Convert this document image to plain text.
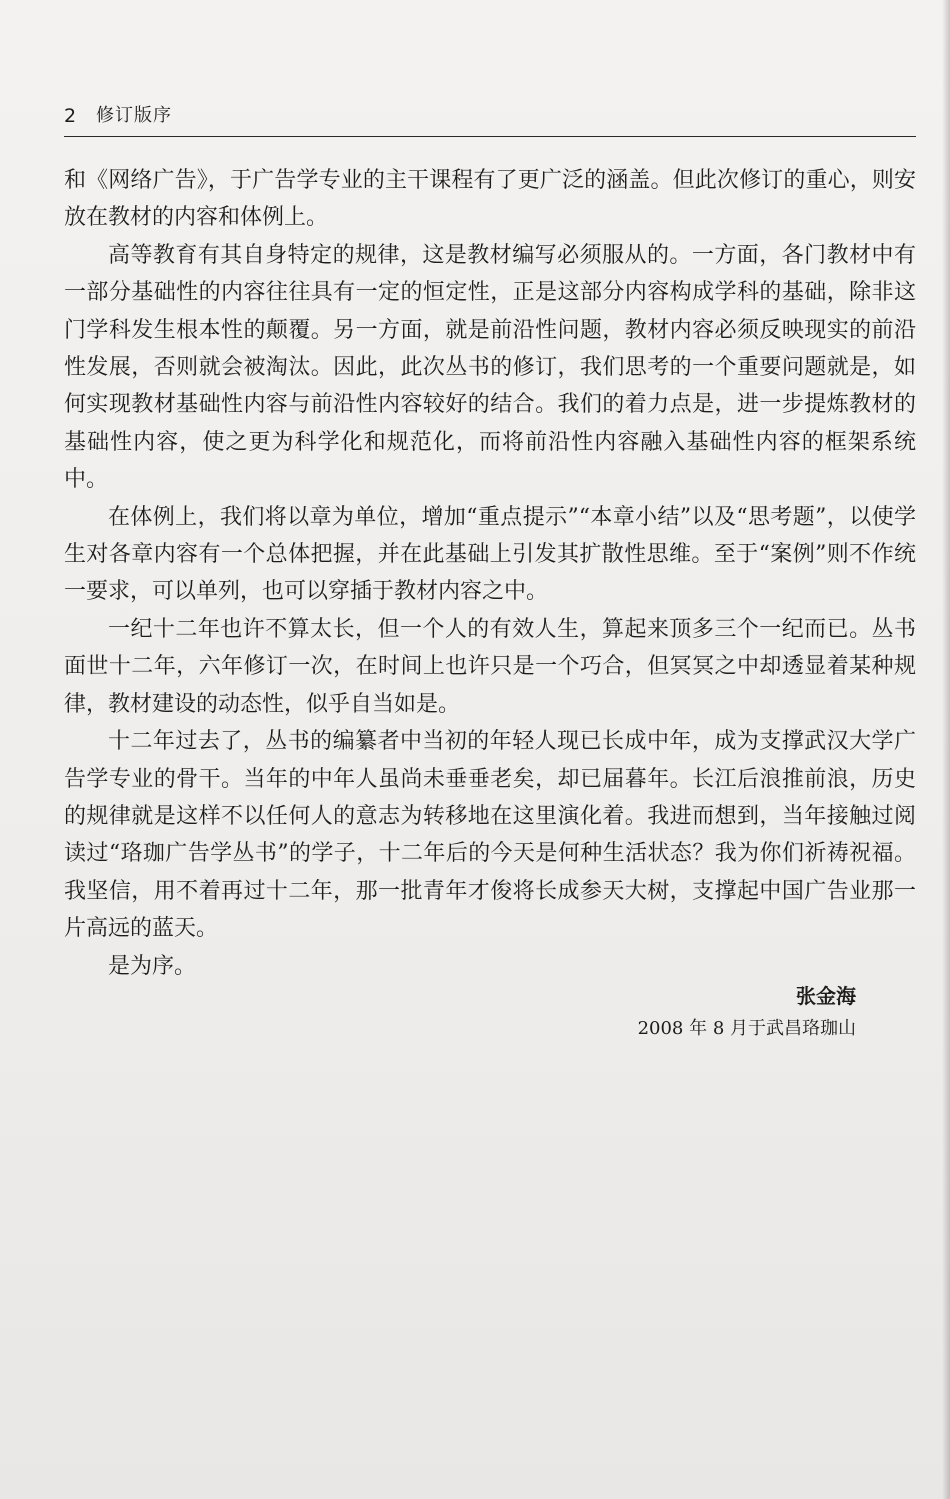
2 修订版序

和《网络广告》，于广告学专业的主干课程有了更广泛的涵盖。但此次修订的重心，则安放在教材的内容和体例上。

高等教育有其自身特定的规律，这是教材编写必须服从的。一方面，各门教材中有一部分基础性的内容往往具有一定的恒定性，正是这部分内容构成学科的基础，除非这门学科发生根本性的颠覆。另一方面，就是前沿性问题，教材内容必须反映现实的前沿性发展，否则就会被淘汰。因此，此次丛书的修订，我们思考的一个重要问题就是，如何实现教材基础性内容与前沿性内容较好的结合。我们的着力点是，进一步提炼教材的基础性内容，使之更为科学化和规范化，而将前沿性内容融入基础性内容的框架系统中。

在体例上，我们将以章为单位，增加“重点提示”“本章小结”以及“思考题”，以使学生对各章内容有一个总体把握，并在此基础上引发其扩散性思维。至于“案例”则不作统一要求，可以单列，也可以穿插于教材内容之中。

一纪十二年也许不算太长，但一个人的有效人生，算起来顶多三个一纪而已。丛书面世十二年，六年修订一次，在时间上也许只是一个巧合，但冥冥之中却透显着某种规律，教材建设的动态性，似乎自当如是。

十二年过去了，丛书的编纂者中当初的年轻人现已长成中年，成为支撑武汉大学广告学专业的骨干。当年的中年人虽尚未垂垂老矣，却已届暮年。长江后浪推前浪，历史的规律就是这样不以任何人的意志为转移地在这里演化着。我进而想到，当年接触过阅读过“珞珈广告学丛书”的学子，十二年后的今天是何种生活状态？我为你们祈祷祝福。我坚信，用不着再过十二年，那一批青年才俊将长成参天大树，支撑起中国广告业那一片高远的蓝天。

是为序。

张金海
2008 年 8 月于武昌珞珈山
